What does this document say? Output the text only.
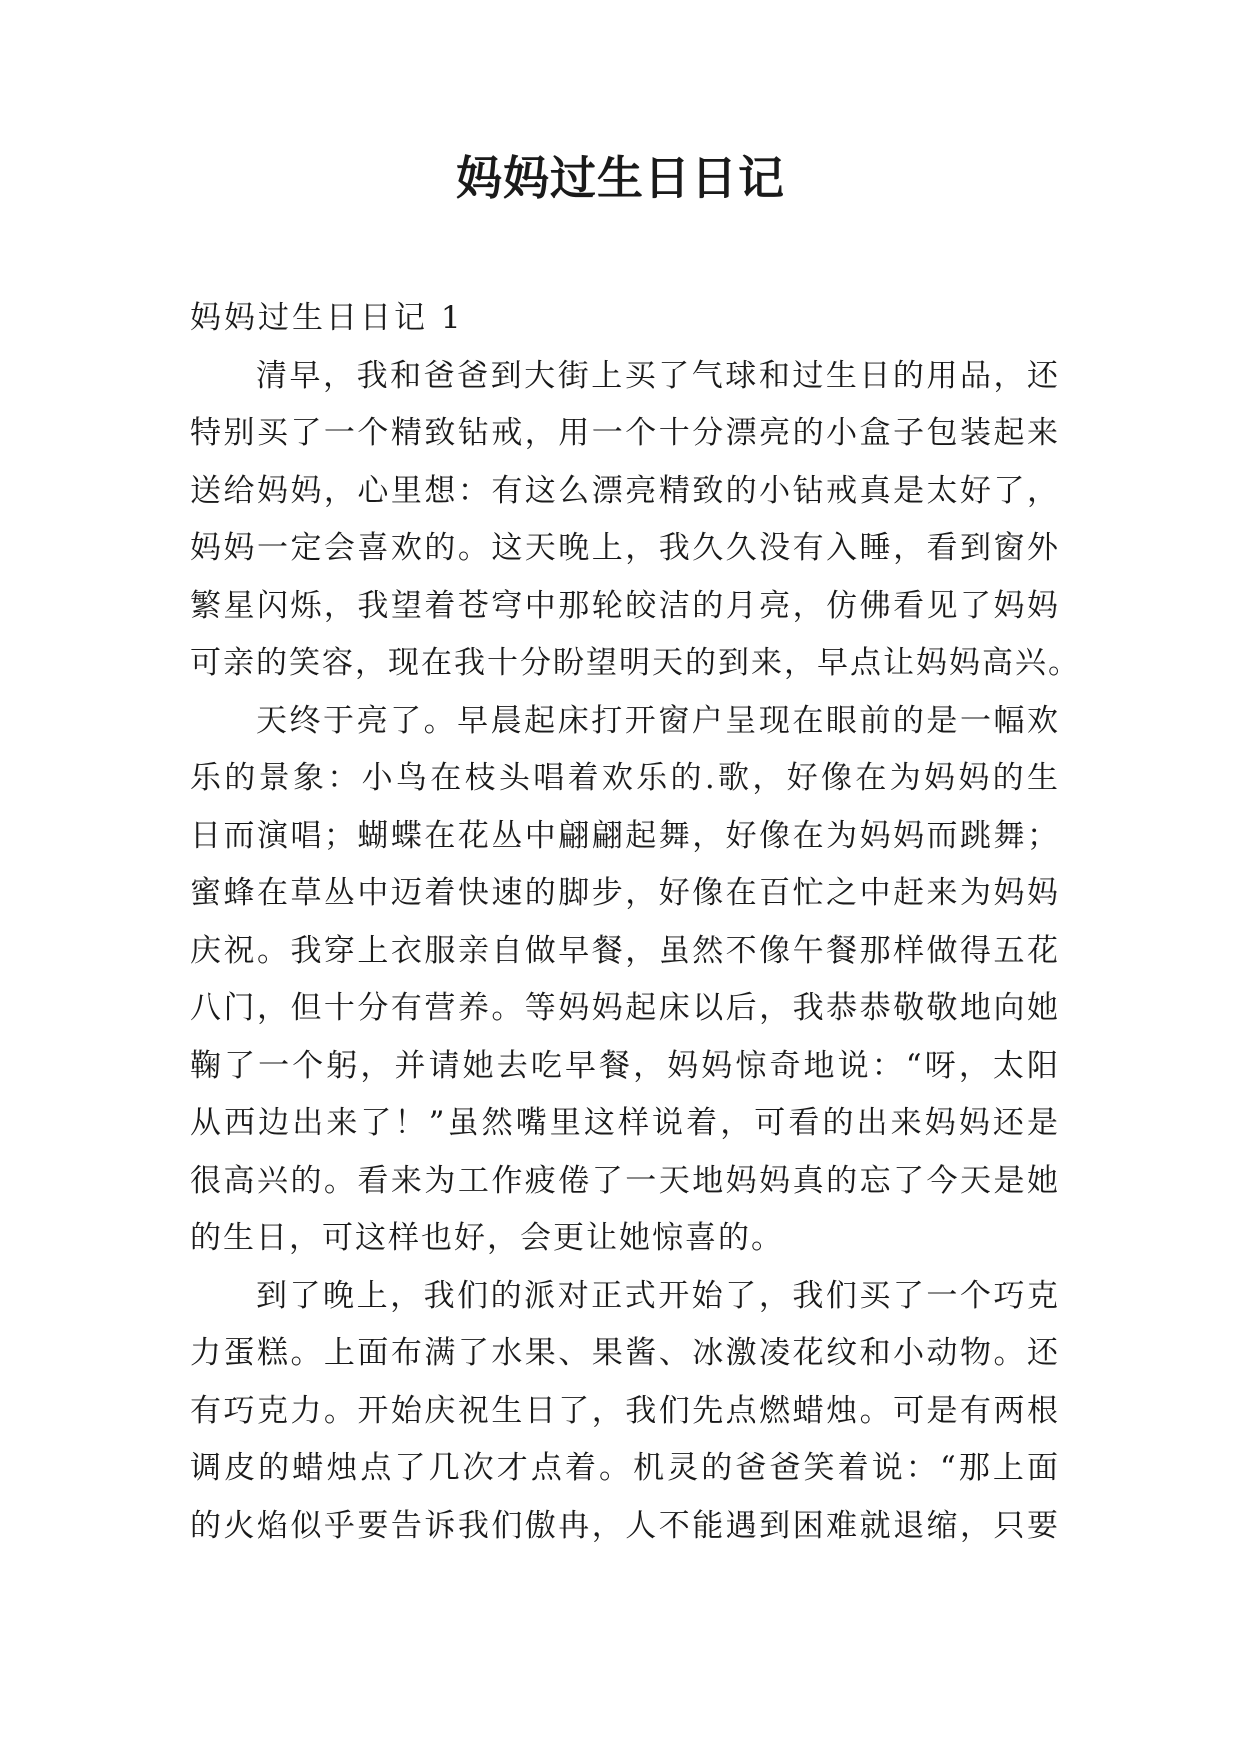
妈妈过生日日记
妈妈过生日日记 1
清早，我和爸爸到大街上买了气球和过生日的用品，还
特别买了一个精致钻戒，用一个十分漂亮的小盒子包装起来
送给妈妈，心里想：有这么漂亮精致的小钻戒真是太好了，
妈妈一定会喜欢的。这天晚上，我久久没有入睡，看到窗外
繁星闪烁，我望着苍穹中那轮皎洁的月亮，仿佛看见了妈妈
可亲的笑容，现在我十分盼望明天的到来，早点让妈妈高兴。
天终于亮了。早晨起床打开窗户呈现在眼前的是一幅欢
乐的景象：小鸟在枝头唱着欢乐的.歌，好像在为妈妈的生
日而演唱；蝴蝶在花丛中翩翩起舞，好像在为妈妈而跳舞；
蜜蜂在草丛中迈着快速的脚步，好像在百忙之中赶来为妈妈
庆祝。我穿上衣服亲自做早餐，虽然不像午餐那样做得五花
八门，但十分有营养。等妈妈起床以后，我恭恭敬敬地向她
鞠了一个躬，并请她去吃早餐，妈妈惊奇地说：“呀，太阳
从西边出来了！”虽然嘴里这样说着，可看的出来妈妈还是
很高兴的。看来为工作疲倦了一天地妈妈真的忘了今天是她
的生日，可这样也好，会更让她惊喜的。
到了晚上，我们的派对正式开始了，我们买了一个巧克
力蛋糕。上面布满了水果、果酱、冰激凌花纹和小动物。还
有巧克力。开始庆祝生日了，我们先点燃蜡烛。可是有两根
调皮的蜡烛点了几次才点着。机灵的爸爸笑着说：“那上面
的火焰似乎要告诉我们傲冉，人不能遇到困难就退缩，只要
